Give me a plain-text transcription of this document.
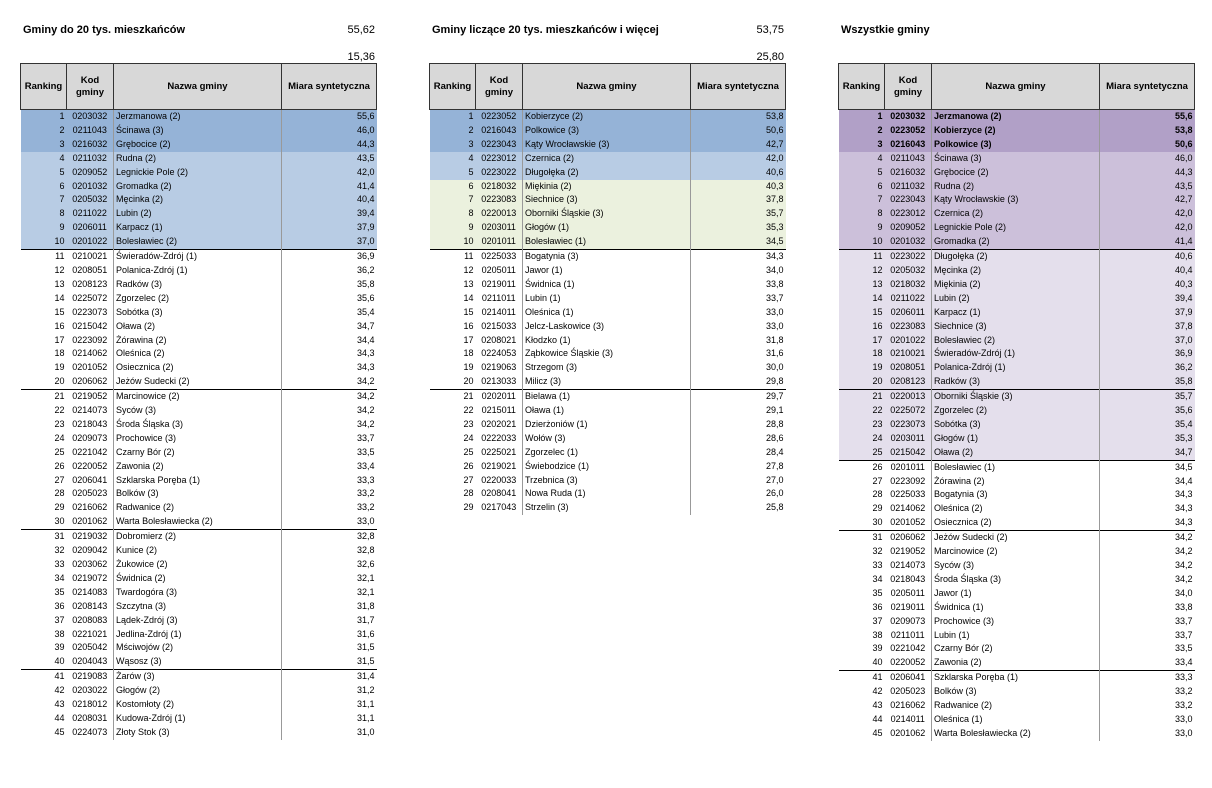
Gminy do 20 tys. mieszkańców	55,62
15,36
Ranking	Kod gminy	Nazwa gminy	Miara syntetyczna
1	0203032	Jerzmanowa (2)	55,6
2	0211043	Ścinawa (3)	46,0
3	0216032	Grębocice (2)	44,3
4	0211032	Rudna (2)	43,5
5	0209052	Legnickie Pole (2)	42,0
6	0201032	Gromadka (2)	41,4
7	0205032	Męcinka (2)	40,4
8	0211022	Lubin (2)	39,4
9	0206011	Karpacz (1)	37,9
10	0201022	Bolesławiec (2)	37,0
11	0210021	Świeradów-Zdrój (1)	36,9
12	0208051	Polanica-Zdrój (1)	36,2
13	0208123	Radków (3)	35,8
14	0225072	Zgorzelec (2)	35,6
15	0223073	Sobótka (3)	35,4
16	0215042	Oława (2)	34,7
17	0223092	Żórawina (2)	34,4
18	0214062	Oleśnica (2)	34,3
19	0201052	Osiecznica (2)	34,3
20	0206062	Jeżów Sudecki (2)	34,2
21	0219052	Marcinowice (2)	34,2
22	0214073	Syców (3)	34,2
23	0218043	Środa Śląska (3)	34,2
24	0209073	Prochowice (3)	33,7
25	0221042	Czarny Bór (2)	33,5
26	0220052	Zawonia (2)	33,4
27	0206041	Szklarska Poręba (1)	33,3
28	0205023	Bolków (3)	33,2
29	0216062	Radwanice (2)	33,2
30	0201062	Warta Bolesławiecka (2)	33,0
31	0219032	Dobromierz (2)	32,8
32	0209042	Kunice (2)	32,8
33	0203062	Żukowice (2)	32,6
34	0219072	Świdnica (2)	32,1
35	0214083	Twardogóra (3)	32,1
36	0208143	Szczytna (3)	31,8
37	0208083	Lądek-Zdrój (3)	31,7
38	0221021	Jedlina-Zdrój (1)	31,6
39	0205042	Mściwojów (2)	31,5
40	0204043	Wąsosz (3)	31,5
41	0219083	Żarów (3)	31,4
42	0203022	Głogów (2)	31,2
43	0218012	Kostomłoty (2)	31,1
44	0208031	Kudowa-Zdrój (1)	31,1
45	0224073	Złoty Stok (3)	31,0
Gminy liczące 20 tys. mieszkańców i więcej	53,75
25,80
Ranking	Kod gminy	Nazwa gminy	Miara syntetyczna
1	0223052	Kobierzyce (2)	53,8
2	0216043	Polkowice (3)	50,6
3	0223043	Kąty Wrocławskie (3)	42,7
4	0223012	Czernica (2)	42,0
5	0223022	Długołęka (2)	40,6
6	0218032	Miękinia (2)	40,3
7	0223083	Siechnice (3)	37,8
8	0220013	Oborniki Śląskie (3)	35,7
9	0203011	Głogów (1)	35,3
10	0201011	Bolesławiec (1)	34,5
11	0225033	Bogatynia (3)	34,3
12	0205011	Jawor (1)	34,0
13	0219011	Świdnica (1)	33,8
14	0211011	Lubin (1)	33,7
15	0214011	Oleśnica (1)	33,0
16	0215033	Jelcz-Laskowice (3)	33,0
17	0208021	Kłodzko (1)	31,8
18	0224053	Ząbkowice Śląskie (3)	31,6
19	0219063	Strzegom (3)	30,0
20	0213033	Milicz (3)	29,8
21	0202011	Bielawa (1)	29,7
22	0215011	Oława (1)	29,1
23	0202021	Dzierżoniów (1)	28,8
24	0222033	Wołów (3)	28,6
25	0225021	Zgorzelec (1)	28,4
26	0219021	Świebodzice (1)	27,8
27	0220033	Trzebnica (3)	27,0
28	0208041	Nowa Ruda (1)	26,0
29	0217043	Strzelin (3)	25,8
Wszystkie gminy
Ranking	Kod gminy	Nazwa gminy	Miara syntetyczna
1	0203032	Jerzmanowa (2)	55,6
2	0223052	Kobierzyce (2)	53,8
3	0216043	Polkowice (3)	50,6
4	0211043	Ścinawa (3)	46,0
5	0216032	Grębocice (2)	44,3
6	0211032	Rudna (2)	43,5
7	0223043	Kąty Wrocławskie (3)	42,7
8	0223012	Czernica (2)	42,0
9	0209052	Legnickie Pole (2)	42,0
10	0201032	Gromadka (2)	41,4
11	0223022	Długołęka (2)	40,6
12	0205032	Męcinka (2)	40,4
13	0218032	Miękinia (2)	40,3
14	0211022	Lubin (2)	39,4
15	0206011	Karpacz (1)	37,9
16	0223083	Siechnice (3)	37,8
17	0201022	Bolesławiec (2)	37,0
18	0210021	Świeradów-Zdrój (1)	36,9
19	0208051	Polanica-Zdrój (1)	36,2
20	0208123	Radków (3)	35,8
21	0220013	Oborniki Śląskie (3)	35,7
22	0225072	Zgorzelec (2)	35,6
23	0223073	Sobótka (3)	35,4
24	0203011	Głogów (1)	35,3
25	0215042	Oława (2)	34,7
26	0201011	Bolesławiec (1)	34,5
27	0223092	Żórawina (2)	34,4
28	0225033	Bogatynia (3)	34,3
29	0214062	Oleśnica (2)	34,3
30	0201052	Osiecznica (2)	34,3
31	0206062	Jeżów Sudecki (2)	34,2
32	0219052	Marcinowice (2)	34,2
33	0214073	Syców (3)	34,2
34	0218043	Środa Śląska (3)	34,2
35	0205011	Jawor (1)	34,0
36	0219011	Świdnica (1)	33,8
37	0209073	Prochowice (3)	33,7
38	0211011	Lubin (1)	33,7
39	0221042	Czarny Bór (2)	33,5
40	0220052	Zawonia (2)	33,4
41	0206041	Szklarska Poręba (1)	33,3
42	0205023	Bolków (3)	33,2
43	0216062	Radwanice (2)	33,2
44	0214011	Oleśnica (1)	33,0
45	0201062	Warta Bolesławiecka (2)	33,0
